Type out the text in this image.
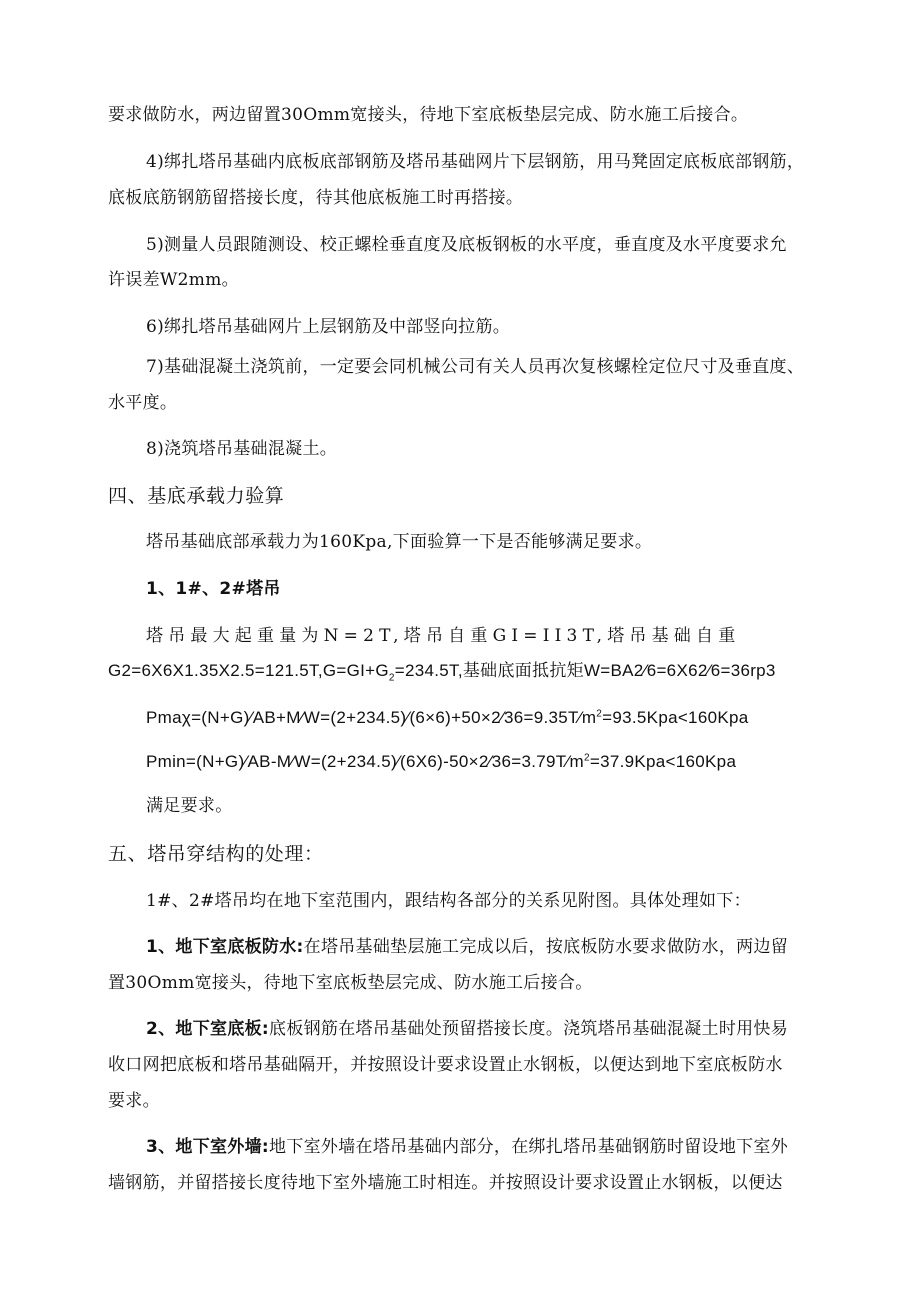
要求做防水，两边留置30Omm宽接头，待地下室底板垫层完成、防水施工后接合。
4)绑扎塔吊基础内底板底部钢筋及塔吊基础网片下层钢筋，用马凳固定底板底部钢筋，
底板底筋钢筋留搭接长度，待其他底板施工时再搭接。
5)测量人员跟随测设、校正螺栓垂直度及底板钢板的水平度，垂直度及水平度要求允
许误差W2mm。
6)绑扎塔吊基础网片上层钢筋及中部竖向拉筋。
7)基础混凝土浇筑前，一定要会同机械公司有关人员再次复核螺栓定位尺寸及垂直度、
水平度。
8)浇筑塔吊基础混凝土。
四、基底承载力验算
塔吊基础底部承载力为160Kpa,下面验算一下是否能够满足要求。
1、1#、2#塔吊
塔吊最大起重量为N=2T,塔吊自重GI=II3T,塔吊基础自重
$G2=6X6X1.35X2.5=121.5T,G=GI+G_2=234.5T$,基础底面抵抗矩W=BA2⁄6=6X62⁄6=36rp3
$Pma\chi=(N+G)⁄AB+M⁄W=(2+234.5)⁄(6\times 6)+50\times 2⁄36=9.35T⁄m^2=93.5Kpa<160Kpa$
$Pmin=(N+G)⁄AB-M⁄W=(2+234.5)⁄(6X6)-50\times 2⁄36=3.79T⁄m^2=37.9Kpa<160Kpa$
满足要求。
五、塔吊穿结构的处理：
1#、2#塔吊均在地下室范围内，跟结构各部分的关系见附图。具体处理如下：
1、地下室底板防水:在塔吊基础垫层施工完成以后，按底板防水要求做防水，两边留
置30Omm宽接头，待地下室底板垫层完成、防水施工后接合。
2、地下室底板:底板钢筋在塔吊基础处预留搭接长度。浇筑塔吊基础混凝土时用快易
收口网把底板和塔吊基础隔开，并按照设计要求设置止水钢板，以便达到地下室底板防水
要求。
3、地下室外墙:地下室外墙在塔吊基础内部分，在绑扎塔吊基础钢筋时留设地下室外
墙钢筋，并留搭接长度待地下室外墙施工时相连。并按照设计要求设置止水钢板，以便达
